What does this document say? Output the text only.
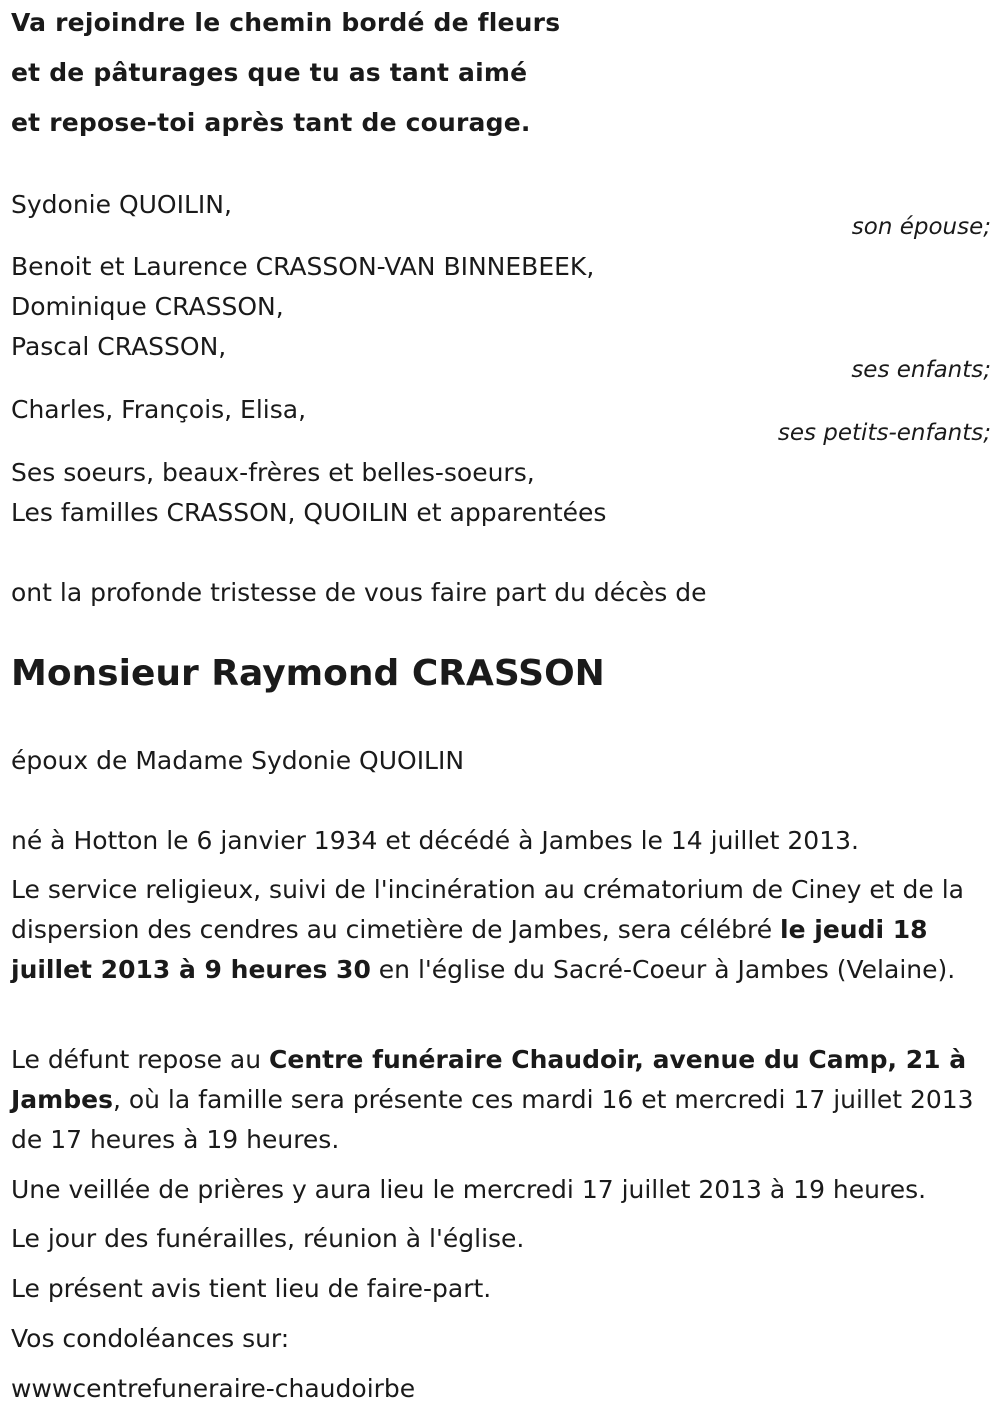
Va rejoindre le chemin bordé de fleurs
et de pâturages que tu as tant aimé
et repose-toi après tant de courage.
Sydonie QUOILIN,
son épouse;
Benoit et Laurence CRASSON-VAN BINNEBEEK,
Dominique CRASSON,
Pascal CRASSON,
ses enfants;
Charles, François, Elisa,
ses petits-enfants;
Ses soeurs, beaux-frères et belles-soeurs,
Les familles CRASSON, QUOILIN et apparentées
ont la profonde tristesse de vous faire part du décès de
Monsieur Raymond CRASSON
époux de Madame Sydonie QUOILIN
né à Hotton le 6 janvier 1934 et décédé à Jambes le 14 juillet 2013.
Le service religieux, suivi de l'incinération au crématorium de Ciney et de la dispersion des cendres au cimetière de Jambes, sera célébré le jeudi 18 juillet 2013 à 9 heures 30 en l'église du Sacré-Coeur à Jambes (Velaine).
Le défunt repose au Centre funéraire Chaudoir, avenue du Camp, 21 à Jambes, où la famille sera présente ces mardi 16 et mercredi 17 juillet 2013 de 17 heures à 19 heures.
Une veillée de prières y aura lieu le mercredi 17 juillet 2013 à 19 heures.
Le jour des funérailles, réunion à l'église.
Le présent avis tient lieu de faire-part.
Vos condoléances sur:
wwwcentrefuneraire-chaudoirbe
